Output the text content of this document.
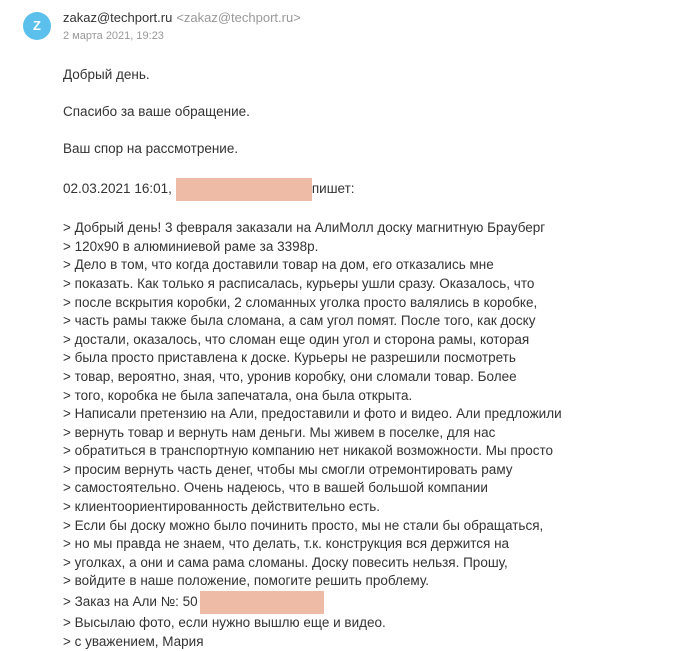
Z
zakaz@techport.ru <zakaz@techport.ru>
2 марта 2021, 19:23

Добрый день.

Спасибо за ваше обращение.

Ваш спор на рассмотрение.

02.03.2021 16:01,	пишет:

> Добрый день! 3 февраля заказали на АлиМолл доску магнитную Брауберг

> 120х90 в алюминиевой раме за 3398р.

> Дело в том, что когда доставили товар на дом, его отказались мне

> показать. Как только я расписалась, курьеры ушли сразу. Оказалось, что

> после вскрытия коробки, 2 сломанных уголка просто валялись в коробке,

> часть рамы также была сломана, а сам угол помят. После того, как доску

> достали, оказалось, что сломан еще один угол и сторона рамы, которая

> была просто приставлена к доске. Курьеры не разрешили посмотреть

> товар, вероятно, зная, что, уронив коробку, они сломали товар. Более

> того, коробка не была запечатала, она была открыта.

> Написали претензию на Али, предоставили и фото и видео. Али предложили

> вернуть товар и вернуть нам деньги. Мы живем в поселке, для нас

> обратиться в транспортную компанию нет никакой возможности. Мы просто

> просим вернуть часть денег, чтобы мы смогли отремонтировать раму

> самостоятельно. Очень надеюсь, что в вашей большой компании

> клиентоориентированность действительно есть.

> Если бы доску можно было починить просто, мы не стали бы обращаться,

> но мы правда не знаем, что делать, т.к. конструкция вся держится на

> уголках, а они и сама рама сломаны. Доску повесить нельзя. Прошу,

> войдите в наше положение, помогите решить проблему.

> Заказ на Али №: 50

> Высылаю фото, если нужно вышлю еще и видео.

> с уважением, Мария
